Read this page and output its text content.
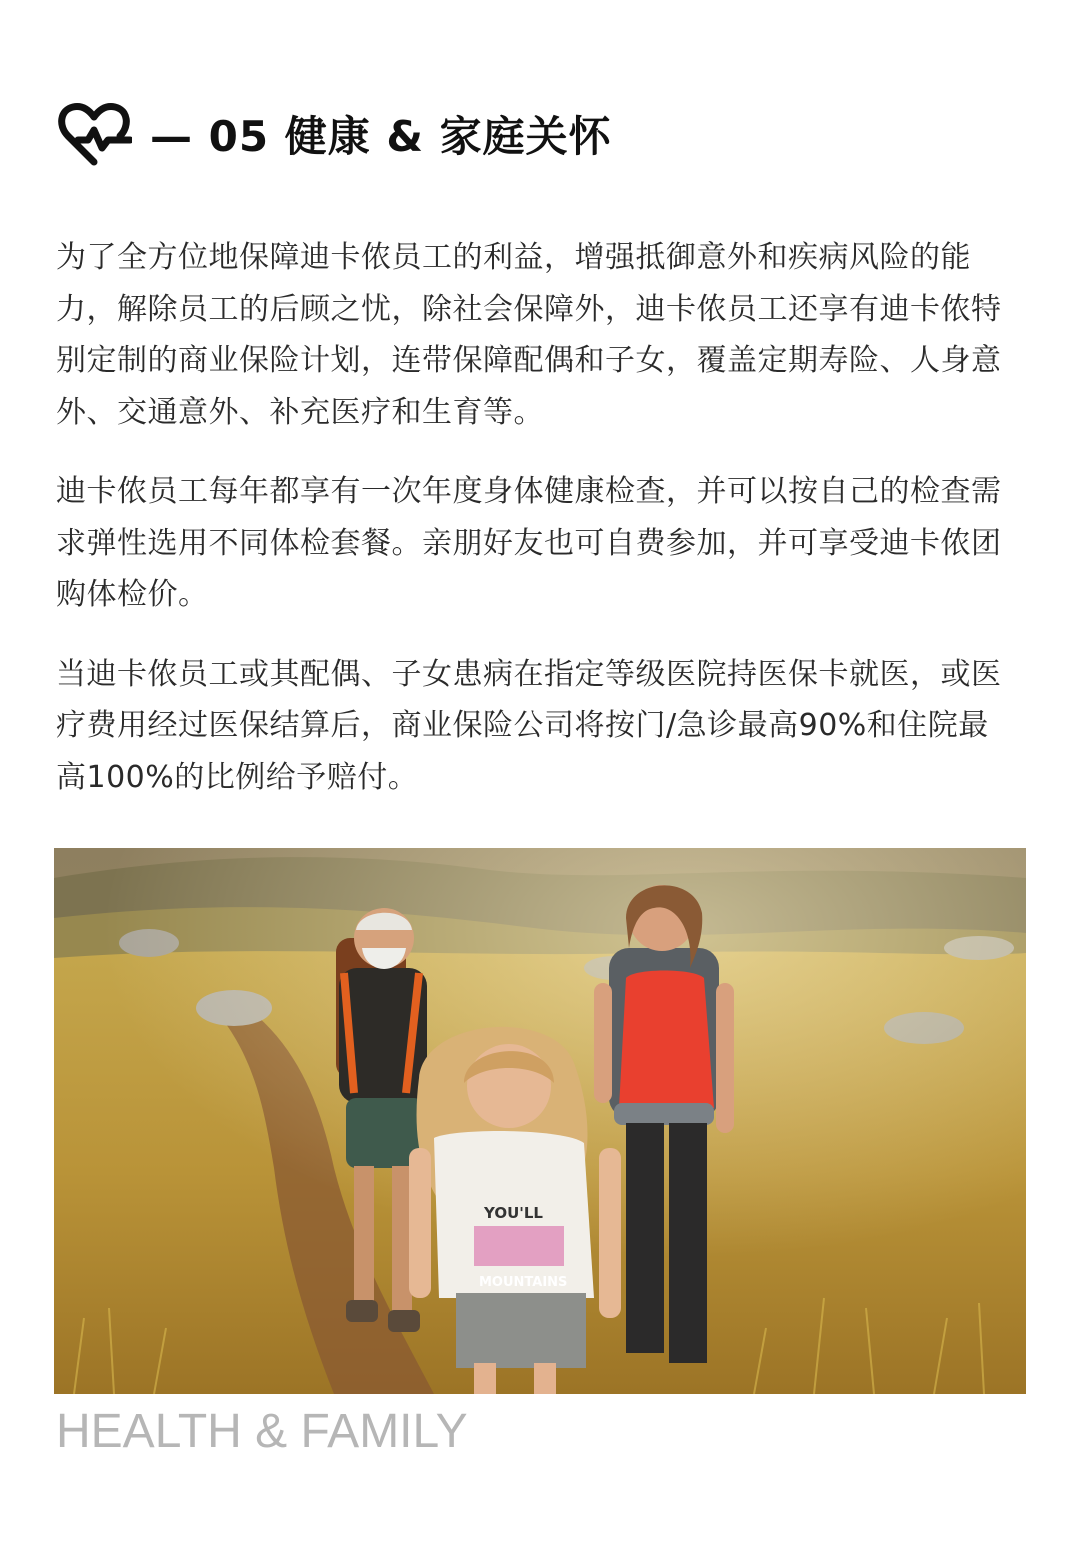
— 05 健康 & 家庭关怀

为了全方位地保障迪卡侬员工的利益，增强抵御意外和疾病风险的能力，解除员工的后顾之忧，除社会保障外，迪卡侬员工还享有迪卡侬特别定制的商业保险计划，连带保障配偶和子女，覆盖定期寿险、人身意外、交通意外、补充医疗和生育等。

迪卡侬员工每年都享有一次年度身体健康检查，并可以按自己的检查需求弹性选用不同体检套餐。亲朋好友也可自费参加，并可享受迪卡侬团购体检价。

当迪卡侬员工或其配偶、子女患病在指定等级医院持医保卡就医，或医疗费用经过医保结算后，商业保险公司将按门/急诊最高90%和住院最高100%的比例给予赔付。

YOU'LL
MOUNTAINS
HEALTH & FAMILY
